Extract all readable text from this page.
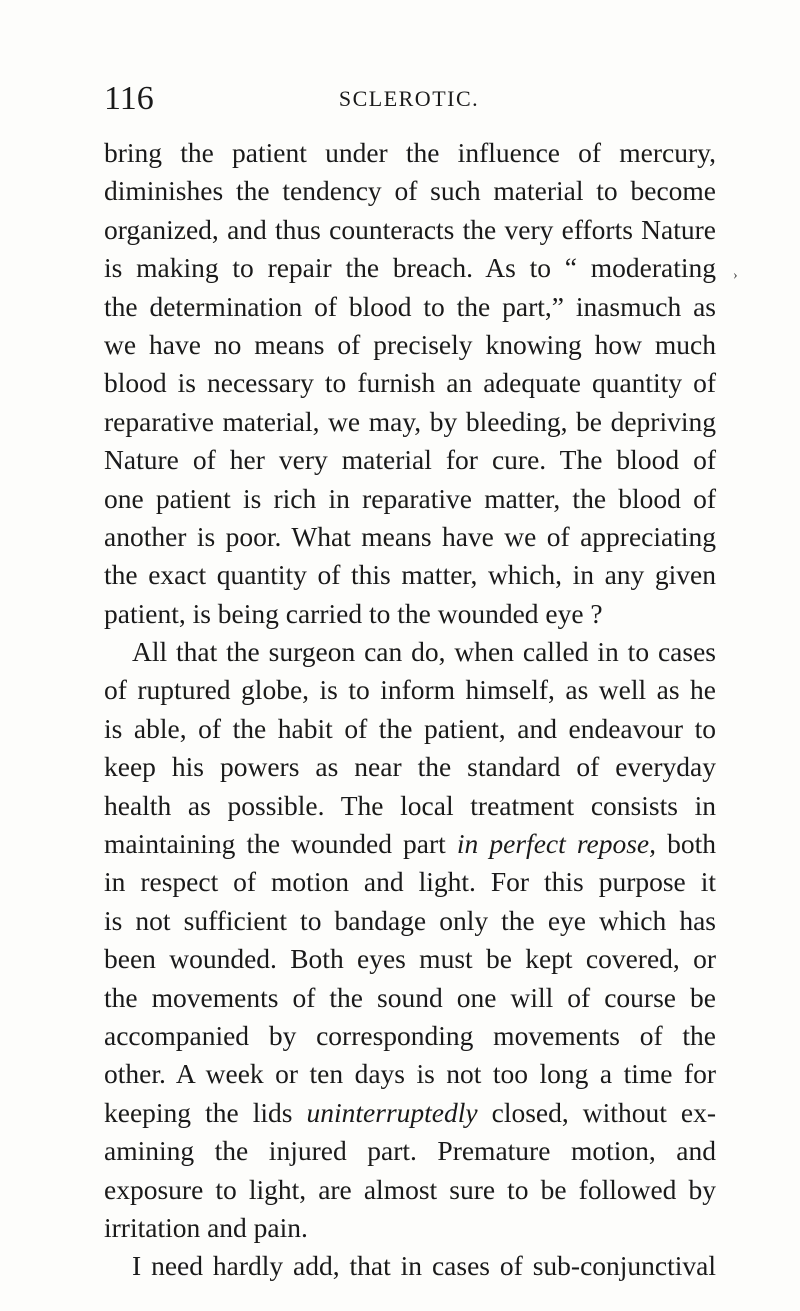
116	SCLEROTIC.
›
bring the patient under the influence of mercury,
diminishes the tendency of such material to become
organized, and thus counteracts the very efforts Nature
is making to repair the breach. As to “ moderating
the determination of blood to the part,” inasmuch as
we have no means of precisely knowing how much
blood is necessary to furnish an adequate quantity of
reparative material, we may, by bleeding, be depriving
Nature of her very material for cure. The blood of
one patient is rich in reparative matter, the blood of
another is poor. What means have we of appreciating
the exact quantity of this matter, which, in any given
patient, is being carried to the wounded eye ?
All that the surgeon can do, when called in to cases
of ruptured globe, is to inform himself, as well as he
is able, of the habit of the patient, and endeavour to
keep his powers as near the standard of everyday
health as possible. The local treatment consists in
maintaining the wounded part in perfect repose, both
in respect of motion and light. For this purpose it
is not sufficient to bandage only the eye which has
been wounded. Both eyes must be kept covered, or
the movements of the sound one will of course be
accompanied by corresponding movements of the
other. A week or ten days is not too long a time for
keeping the lids uninterruptedly closed, without ex-
amining the injured part. Premature motion, and
exposure to light, are almost sure to be followed by
irritation and pain.
I need hardly add, that in cases of sub-conjunctival
